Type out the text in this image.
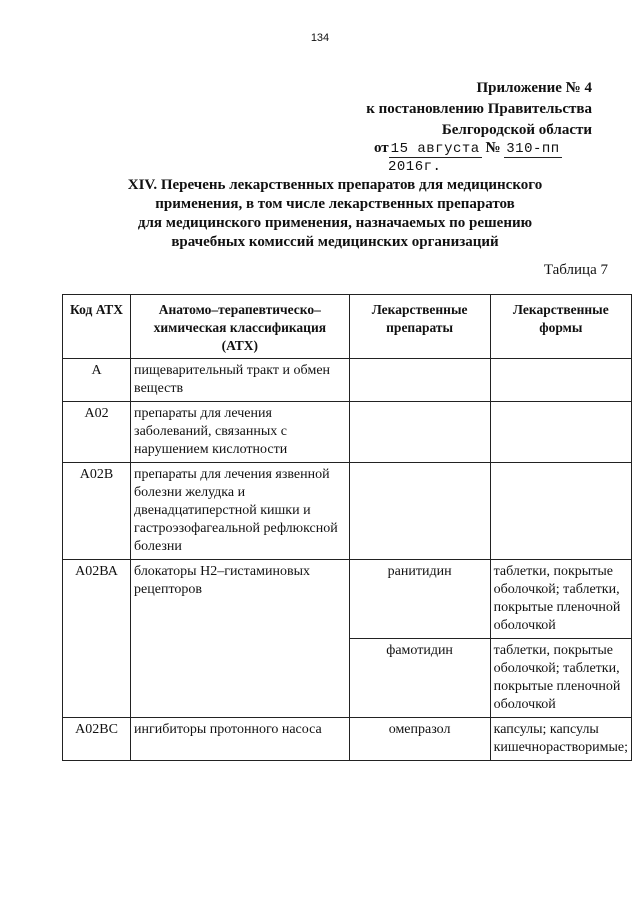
134
Приложение № 4
к постановлению Правительства
Белгородской области
от 15 августа № 310-пп
2016г.
XIV. Перечень лекарственных препаратов для медицинского
применения, в том числе лекарственных препаратов
для медицинского применения, назначаемых по решению
врачебных комиссий медицинских организаций
Таблица 7
Код АТХ	Анатомо–терапевтическо–химическая классификация (АТХ)	Лекарственные препараты	Лекарственные формы
А	пищеварительный тракт и обмен веществ		
А02	препараты для лечения заболеваний, связанных с нарушением кислотности		
А02В	препараты для лечения язвенной болезни желудка и двенадцатиперстной кишки и гастроэзофагеальной рефлюксной болезни		
А02ВА	блокаторы Н2–гистаминовых рецепторов	ранитидин	таблетки, покрытые оболочкой; таблетки, покрытые пленочной оболочкой
		фамотидин	таблетки, покрытые оболочкой; таблетки, покрытые пленочной оболочкой
А02ВС	ингибиторы протонного насоса	омепразол	капсулы; капсулы кишечнорастворимые;
